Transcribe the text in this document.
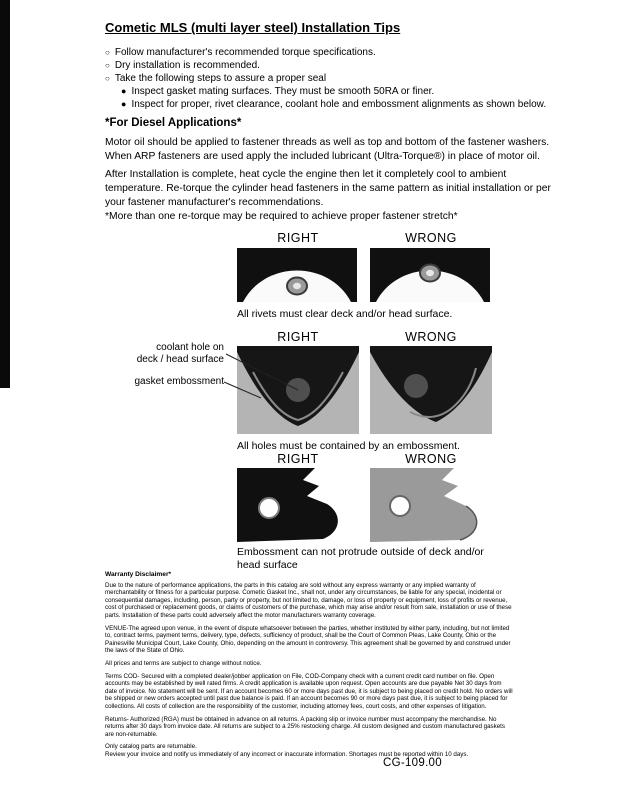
Cometic MLS (multi layer steel) Installation Tips
○ Follow manufacturer's recommended torque specifications.
○ Dry installation is recommended.
○ Take the following steps to assure a proper seal
● Inspect gasket mating surfaces. They must be smooth 50RA or finer.
● Inspect for proper, rivet clearance, coolant hole and embossment alignments as shown below.
*For Diesel Applications*
Motor oil should be applied to fastener threads as well as top and bottom of the fastener washers. When ARP fasteners are used apply the included lubricant (Ultra-Torque®) in place of motor oil.
After Installation is complete, heat cycle the engine then let it completely cool to ambient temperature. Re-torque the cylinder head fasteners in the same pattern as initial installation or per your fastener manufacturer's recommendations.
*More than one re-torque may be required to achieve proper fastener stretch*
RIGHT	WRONG
All rivets must clear deck and/or head surface.
RIGHT	WRONG
coolant hole on
deck / head surface
gasket embossment
All holes must be contained by an embossment.
RIGHT	WRONG
Embossment can not protrude outside of deck and/or head surface

Warranty Disclaimer*

Due to the nature of performance applications, the parts in this catalog are sold without any express warranty or any implied warranty of merchantability or fitness for a particular purpose. Cometic Gasket Inc., shall not, under any circumstances, be liable for any special, incidental or consequential damages, including, person, party or property, but not limited to, damage, or loss of property or equipment, loss of profits or revenue, cost of purchased or replacement goods, or claims of customers of the purchase, which may arise and/or result from sale, installation or use of these parts. Installation of these parts could adversely affect the motor manufacturers warranty coverage.

VENUE-The agreed upon venue, in the event of dispute whatsoever between the parties, whether instituted by either party, including, but not limited to, contract terms, payment terms, delivery, type, defects, sufficiency of product, shall be the Court of Common Pleas, Lake County, Ohio or the Painesville Municipal Court, Lake County, Ohio, depending on the amount in controversy. This agreement shall be governed by and construed under the laws of the State of Ohio.

All prices and terms are subject to change without notice.

Terms COD- Secured with a completed dealer/jobber application on File, COD-Company check with a current credit card number on file. Open accounts may be established by well rated firms. A credit application is available upon request. Open accounts are due payable Net 30 days from date of invoice. No statement will be sent. If an account becomes 60 or more days past due, it is subject to being placed on credit hold. No orders will be shipped or new orders accepted until past due balance is paid. If an account becomes 90 or more days past due, it is subject to being placed for collections. All costs of collection are the responsibility of the customer, including attorney fees, court costs, and other expenses of litigation.

Returns- Authorized (RGA) must be obtained in advance on all returns. A packing slip or invoice number must accompany the merchandise. No returns after 30 days from invoice date. All returns are subject to a 25% restocking charge. All custom designed and custom manufactured gaskets are non-returnable.

Only catalog parts are returnable.

Review your invoice and notify us immediately of any incorrect or inaccurate information. Shortages must be reported within 10 days.

CG-109.00
